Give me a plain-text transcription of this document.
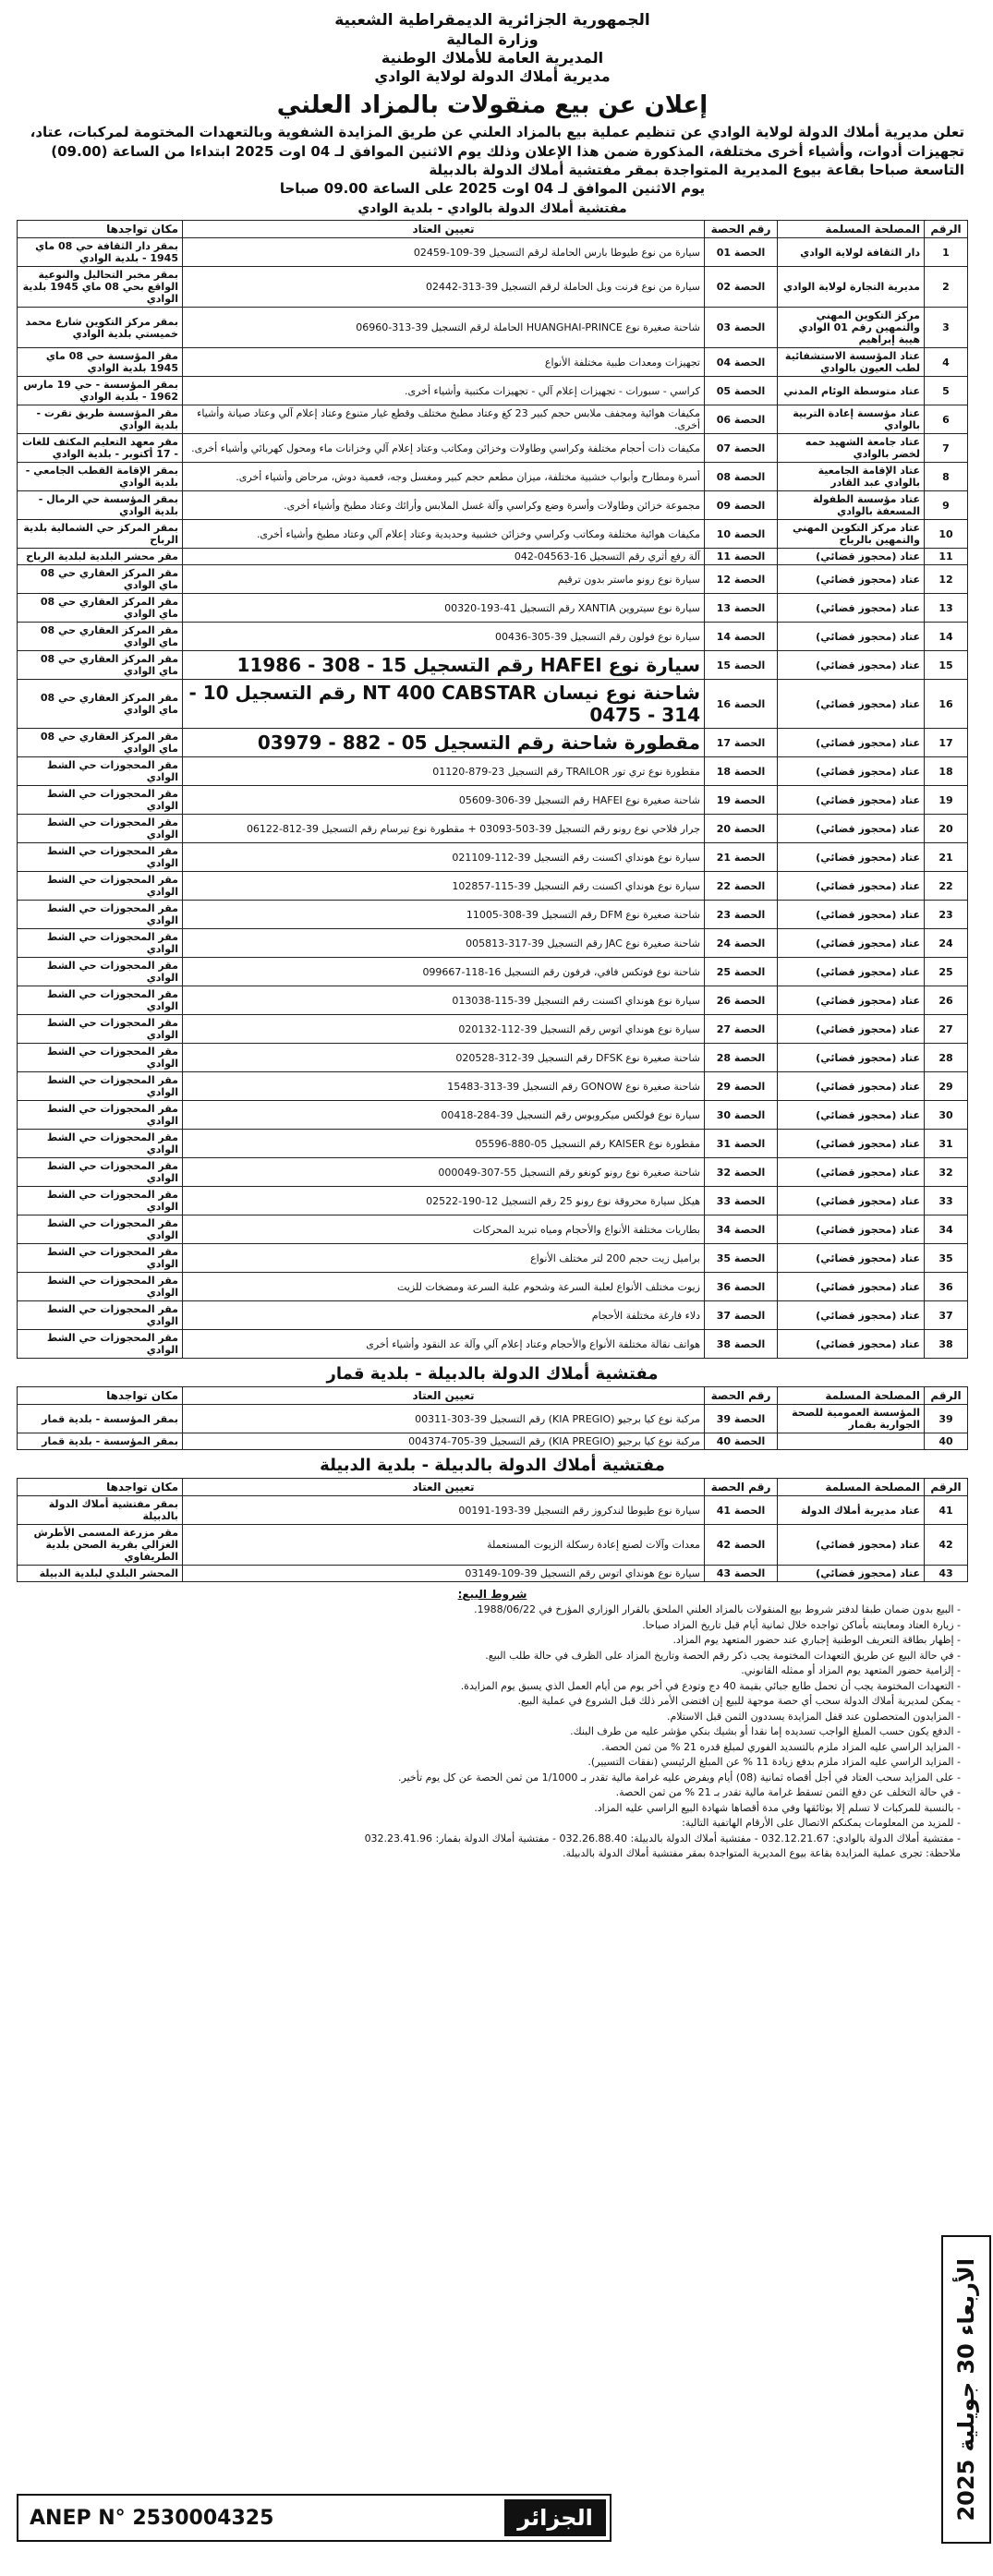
الجمهورية الجزائرية الديمقراطية الشعبية
وزارة المالية
المديرية العامة للأملاك الوطنية
مديرية أملاك الدولة لولاية الوادي
إعلان عن بيع منقولات بالمزاد العلني
تعلن مديرية أملاك الدولة لولاية الوادي عن تنظيم عملية بيع بالمزاد العلني عن طريق المزايدة الشفوية وبالتعهدات المختومة لمركبات، عتاد، تجهيزات أدوات، وأشياء أخرى مختلفة، المذكورة ضمن هذا الإعلان وذلك يوم الاثنين الموافق لـ 04 اوت 2025 ابتداءا من الساعة (09.00) التاسعة صباحا بقاعة بيوع المديرية المتواجدة بمقر مفتشية أملاك الدولة بالدبيلة
يوم الاثنين الموافق لـ 04 اوت 2025 على الساعة 09.00 صباحا
مفتشية أملاك الدولة بالوادي - بلدية الوادي
الرقم	المصلحة المسلمة	رقم الحصة	تعيين العتاد	مكان تواجدها
1	دار الثقافة لولاية الوادي	الحصة 01	سيارة من نوع طيوطا بارس الحاملة لرقم التسجيل 39-109-02459	بمقر دار الثقافة حي 08 ماي 1945 - بلدية الوادي
2	مديرية التجارة لولاية الوادي	الحصة 02	سيارة من نوع فرنت وبل الحاملة لرقم التسجيل 39-313-02442	بمقر مخبر التحاليل والنوعية الواقع بحي 08 ماي 1945 بلدية الوادي
3	مركز التكوين المهني والتمهين رقم 01 الوادي هيبة إبراهيم	الحصة 03	شاحنة صغيرة نوع HUANGHAI-PRINCE الحاملة لرقم التسجيل 39-313-06960	بمقر مركز التكوين شارع محمد خميستي بلدية الوادي
4	عتاد المؤسسة الاستشفائية لطب العيون بالوادي	الحصة 04	تجهيزات ومعدات طبية مختلفة الأنواع	مقر المؤسسة حي 08 ماي 1945 بلدية الوادي
5	عتاد متوسطة الوئام المدني	الحصة 05	كراسي - سبورات - تجهيزات إعلام آلي - تجهيزات مكتبية وأشياء أخرى.	بمقر المؤسسة - حي 19 مارس 1962 - بلدية الوادي
6	عتاد مؤسسة إعادة التربية بالوادي	الحصة 06	مكيفات هوائية ومجفف ملابس حجم كبير 23 كغ وعتاد مطبخ مختلف وقطع غيار متنوع وعتاد إعلام آلي وعتاد صيانة وأشياء أخرى.	مقر المؤسسة طريق تقرت - بلدية الوادي
7	عتاد جامعة الشهيد حمه لخضر بالوادي	الحصة 07	مكيفات ذات أحجام مختلفة وكراسي وطاولات وخزائن ومكاتب وعتاد إعلام آلي وخزانات ماء ومحول كهربائي وأشياء أخرى.	مقر معهد التعليم المكثف للغات - 17 أكتوبر - بلدية الوادي
8	عتاد الإقامة الجامعية بالوادي عبد القادر	الحصة 08	أسرة ومطارح وأبواب خشبية مختلفة، ميزان مطعم حجم كبير ومغسل وجه، قعمية دوش، مرحاض وأشياء أخرى.	بمقر الإقامة القطب الجامعي - بلدية الوادي
9	عتاد مؤسسة الطفولة المسعفة بالوادي	الحصة 09	مجموعة خزائن وطاولات وأسرة وضع وكراسي وآلة غسل الملابس وأرائك وعتاد مطبخ وأشياء أخرى.	بمقر المؤسسة حي الرمال - بلدية الوادي
10	عتاد مركز التكوين المهني والتمهين بالرباح	الحصة 10	مكيفات هوائية مختلفة ومكاتب وكراسي وخزائن خشبية وحديدية وعتاد إعلام آلي وعتاد مطبخ وأشياء أخرى.	بمقر المركز حي الشمالية بلدية الرباح
11	عتاد (محجوز قضائي)	الحصة 11	آلة رفع أثري رقم التسجيل 16-04563-042	مقر محشر البلدية لبلدية الرباح
12	عتاد (محجوز قضائي)	الحصة 12	سيارة نوع رونو ماستر بدون ترقيم	مقر المركز العقاري حي 08 ماي الوادي
13	عتاد (محجوز قضائي)	الحصة 13	سيارة نوع سيتروين XANTIA رقم التسجيل 41-193-00320	مقر المركز العقاري حي 08 ماي الوادي
14	عتاد (محجوز قضائي)	الحصة 14	سيارة نوع فولون رقم التسجيل 39-305-00436	مقر المركز العقاري حي 08 ماي الوادي
15	عتاد (محجوز قضائي)	الحصة 15	سيارة نوع HAFEI رقم التسجيل 15 - 308 - 11986	مقر المركز العقاري حي 08 ماي الوادي
16	عتاد (محجوز قضائي)	الحصة 16	شاحنة نوع نيسان NT 400 CABSTAR رقم التسجيل 10 - 314 - 0475	مقر المركز العقاري حي 08 ماي الوادي
17	عتاد (محجوز قضائي)	الحصة 17	مقطورة شاحنة رقم التسجيل 05 - 882 - 03979	مقر المركز العقاري حي 08 ماي الوادي
18	عتاد (محجوز قضائي)	الحصة 18	مقطورة نوع تري تور TRAILOR رقم التسجيل 23-879-01120	مقر المحجوزات حي الشط الوادي
19	عتاد (محجوز قضائي)	الحصة 19	شاحنة صغيرة نوع HAFEI رقم التسجيل 39-306-05609	مقر المحجوزات حي الشط الوادي
20	عتاد (محجوز قضائي)	الحصة 20	جرار فلاحي نوع رونو رقم التسجيل 39-503-03093 + مقطورة نوع تيرسام رقم التسجيل 39-812-06122	مقر المحجوزات حي الشط الوادي
21	عتاد (محجوز قضائي)	الحصة 21	سيارة نوع هونداي اكسنت رقم التسجيل 39-112-021109	مقر المحجوزات حي الشط الوادي
22	عتاد (محجوز قضائي)	الحصة 22	سيارة نوع هونداي اكسنت رقم التسجيل 39-115-102857	مقر المحجوزات حي الشط الوادي
23	عتاد (محجوز قضائي)	الحصة 23	شاحنة صغيرة نوع DFM رقم التسجيل 39-308-11005	مقر المحجوزات حي الشط الوادي
24	عتاد (محجوز قضائي)	الحصة 24	شاحنة صغيرة نوع JAC رقم التسجيل 39-317-005813	مقر المحجوزات حي الشط الوادي
25	عتاد (محجوز قضائي)	الحصة 25	شاحنة نوع فوتكس فافي، فرفون رقم التسجيل 16-118-099667	مقر المحجوزات حي الشط الوادي
26	عتاد (محجوز قضائي)	الحصة 26	سيارة نوع هونداي اكسنت رقم التسجيل 39-115-013038	مقر المحجوزات حي الشط الوادي
27	عتاد (محجوز قضائي)	الحصة 27	سيارة نوع هونداي اتوس رقم التسجيل 39-112-020132	مقر المحجوزات حي الشط الوادي
28	عتاد (محجوز قضائي)	الحصة 28	شاحنة صغيرة نوع DFSK رقم التسجيل 39-312-020528	مقر المحجوزات حي الشط الوادي
29	عتاد (محجوز قضائي)	الحصة 29	شاحنة صغيرة نوع GONOW رقم التسجيل 39-313-15483	مقر المحجوزات حي الشط الوادي
30	عتاد (محجوز قضائي)	الحصة 30	سيارة نوع فولكس ميكروبوس رقم التسجيل 39-284-00418	مقر المحجوزات حي الشط الوادي
31	عتاد (محجوز قضائي)	الحصة 31	مقطورة نوع KAISER رقم التسجيل 05-880-05596	مقر المحجوزات حي الشط الوادي
32	عتاد (محجوز قضائي)	الحصة 32	شاحنة صغيرة نوع رونو كونغو رقم التسجيل 55-307-000049	مقر المحجوزات حي الشط الوادي
33	عتاد (محجوز قضائي)	الحصة 33	هيكل سيارة محروقة نوع رونو 25 رقم التسجيل 12-190-02522	مقر المحجوزات حي الشط الوادي
34	عتاد (محجوز قضائي)	الحصة 34	بطاريات مختلفة الأنواع والأحجام ومياه تبريد المحركات	مقر المحجوزات حي الشط الوادي
35	عتاد (محجوز قضائي)	الحصة 35	براميل زيت حجم 200 لتر مختلف الأنواع	مقر المحجوزات حي الشط الوادي
36	عتاد (محجوز قضائي)	الحصة 36	زيوت مختلف الأنواع لعلبة السرعة وشحوم علبة السرعة ومضخات للزيت	مقر المحجوزات حي الشط الوادي
37	عتاد (محجوز قضائي)	الحصة 37	دلاء فارغة مختلفة الأحجام	مقر المحجوزات حي الشط الوادي
38	عتاد (محجوز قضائي)	الحصة 38	هواتف نقالة مختلفة الأنواع والأحجام وعتاد إعلام آلي وآلة عد النقود وأشياء أخرى	مقر المحجوزات حي الشط الوادي
مفتشية أملاك الدولة بالدبيلة - بلدية قمار
الرقم	المصلحة المسلمة	رقم الحصة	تعيين العتاد	مكان تواجدها
39	المؤسسة العمومية للصحة الجوارية بقمار	الحصة 39	مركبة نوع كيا برجيو (KIA PREGIO) رقم التسجيل 39-303-00311	بمقر المؤسسة - بلدية قمار
40		الحصة 40	مركبة نوع كيا برجيو (KIA PREGIO) رقم التسجيل 39-705-004374	بمقر المؤسسة - بلدية قمار
مفتشية أملاك الدولة بالدبيلة - بلدية الدبيلة
الرقم	المصلحة المسلمة	رقم الحصة	تعيين العتاد	مكان تواجدها
41	عتاد مديرية أملاك الدولة	الحصة 41	سيارة نوع طيوطا لندكروز رقم التسجيل 39-193-00191	بمقر مفتشية أملاك الدولة بالدبيلة
42	عتاد (محجوز قضائي)	الحصة 42	معدات وآلات لصنع إعادة رسكلة الزيوت المستعملة	مقر مزرعة المسمى الأطرش الغزالي بقرية الصحن بلدية الطريفاوي
43	عتاد (محجوز قضائي)	الحصة 43	سيارة نوع هونداي اتوس رقم التسجيل 39-109-03149	المحشر البلدي لبلدية الدبيلة
شروط البيع:
- البيع بدون ضمان طبقا لدفتر شروط بيع المنقولات بالمزاد العلني الملحق بالقرار الوزاري المؤرخ في 1988/06/22.
- زيارة العتاد ومعاينته بأماكن تواجده خلال ثمانية أيام قبل تاريخ المزاد صباحا.
- إظهار بطاقة التعريف الوطنية إجباري عند حضور المتعهد يوم المزاد.
- في حالة البيع عن طريق التعهدات المختومة يجب ذكر رقم الحصة وتاريخ المزاد على الظرف في حالة طلب البيع.
- إلزامية حضور المتعهد يوم المزاد أو ممثله القانوني.
- التعهدات المختومة يجب أن تحمل طابع جبائي بقيمة 40 دج وتودع في أخر يوم من أيام العمل الذي يسبق يوم المزايدة.
- يمكن لمديرية أملاك الدولة سحب أي حصة موجهة للبيع إن اقتضى الأمر ذلك قبل الشروع في عملية البيع.
- المزايدون المتحصلون عند قفل المزايدة يسددون الثمن قبل الاستلام.
- الدفع يكون حسب المبلغ الواجب تسديده إما نقدا أو بشيك بنكي مؤشر عليه من طرف البنك.
- المزايد الراسي عليه المزاد ملزم بالتسديد الفوري لمبلغ قدره 21 % من ثمن الحصة.
- المزايد الراسي عليه المزاد ملزم بدفع زيادة 11 % عن المبلغ الرئيسي (نفقات التسيير).
- على المزايد سحب العتاد في أجل أقصاه ثمانية (08) أيام ويفرض عليه غرامة مالية تقدر بـ 1/1000 من ثمن الحصة عن كل يوم تأخير.
- في حالة التخلف عن دفع الثمن تسقط غرامة مالية تقدر بـ 21 % من ثمن الحصة.
- بالنسبة للمركبات لا تسلم إلا بوثائقها وفي مدة أقصاها شهادة البيع الراسي عليه المزاد.
- للمزيد من المعلومات يمكنكم الاتصال على الأرقام الهاتفية التالية:
- مفتشية أملاك الدولة بالوادي: 032.12.21.67 - مفتشية أملاك الدولة بالدبيلة: 032.26.88.40 - مفتشية أملاك الدولة بقمار: 032.23.41.96
ملاحظة: تجرى عملية المزايدة بقاعة بيوع المديرية المتواجدة بمقر مفتشية أملاك الدولة بالدبيلة.
ANEP N° 2530004325	الجزائر	الأربعاء 30 جويلية 2025
